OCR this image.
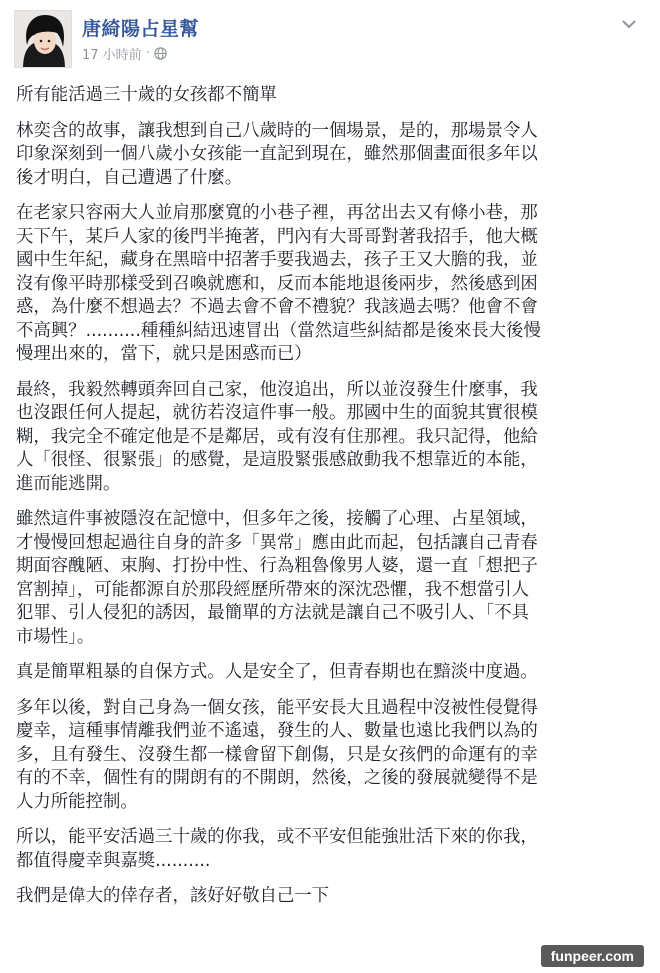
唐綺陽占星幫
17 小時前 ·

所有能活過三十歲的女孩都不簡單

林奕含的故事，讓我想到自己八歲時的一個場景，是的，那場景令人
印象深刻到一個八歲小女孩能一直記到現在，雖然那個畫面很多年以
後才明白，自己遭遇了什麼。

在老家只容兩大人並肩那麼寬的小巷子裡，再岔出去又有條小巷，那
天下午，某戶人家的後門半掩著，門內有大哥哥對著我招手，他大概
國中生年紀，藏身在黑暗中招著手要我過去，孩子王又大膽的我，並
沒有像平時那樣受到召喚就應和，反而本能地退後兩步，然後感到困
惑，為什麼不想過去？不過去會不會不禮貌？我該過去嗎？他會不會
不高興？..........種種糾結迅速冒出（當然這些糾結都是後來長大後慢
慢理出來的，當下，就只是困惑而已）

最終，我毅然轉頭奔回自己家，他沒追出，所以並沒發生什麼事，我
也沒跟任何人提起，就彷若沒這件事一般。那國中生的面貌其實很模
糊，我完全不確定他是不是鄰居，或有沒有住那裡。我只記得，他給
人「很怪、很緊張」的感覺，是這股緊張感啟動我不想靠近的本能，
進而能逃開。

雖然這件事被隱沒在記憶中，但多年之後，接觸了心理、占星領域，
才慢慢回想起過往自身的許多「異常」應由此而起，包括讓自己青春
期面容醜陋、束胸、打扮中性、行為粗魯像男人婆，還一直「想把子
宮割掉」，可能都源自於那段經歷所帶來的深沈恐懼，我不想當引人
犯罪、引人侵犯的誘因，最簡單的方法就是讓自己不吸引人、「不具
市場性」。

真是簡單粗暴的自保方式。人是安全了，但青春期也在黯淡中度過。

多年以後，對自己身為一個女孩，能平安長大且過程中沒被性侵覺得
慶幸，這種事情離我們並不遙遠，發生的人、數量也遠比我們以為的
多，且有發生、沒發生都一樣會留下創傷，只是女孩們的命運有的幸
有的不幸，個性有的開朗有的不開朗，然後，之後的發展就變得不是
人力所能控制。

所以，能平安活過三十歲的你我，或不平安但能強壯活下來的你我，
都值得慶幸與嘉獎..........

我們是偉大的倖存者，該好好敬自己一下

funpeer.com
